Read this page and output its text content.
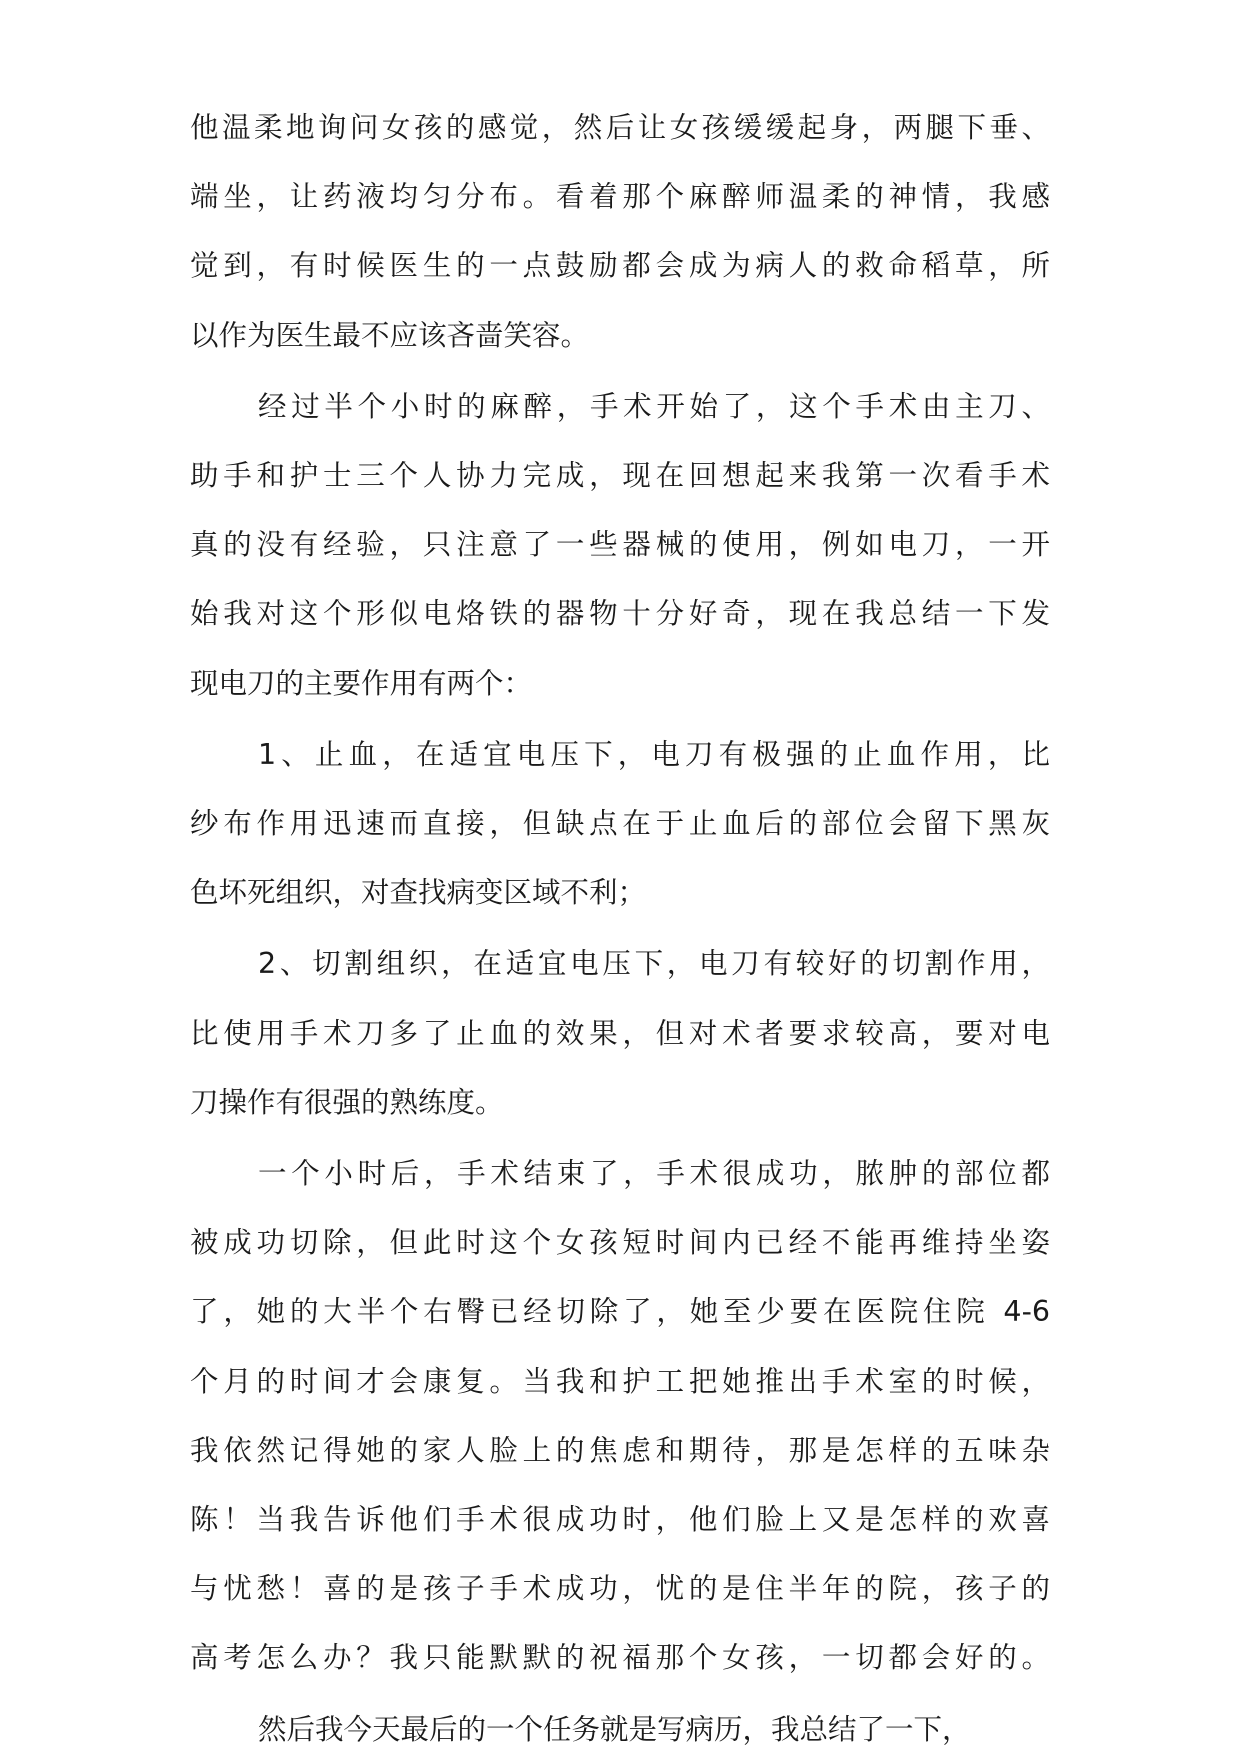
他温柔地询问女孩的感觉，然后让女孩缓缓起身，两腿下垂、
端坐，让药液均匀分布。看着那个麻醉师温柔的神情，我感
觉到，有时候医生的一点鼓励都会成为病人的救命稻草，所
以作为医生最不应该吝啬笑容。
经过半个小时的麻醉，手术开始了，这个手术由主刀、
助手和护士三个人协力完成，现在回想起来我第一次看手术
真的没有经验，只注意了一些器械的使用，例如电刀，一开
始我对这个形似电烙铁的器物十分好奇，现在我总结一下发
现电刀的主要作用有两个：
1、止血，在适宜电压下，电刀有极强的止血作用，比
纱布作用迅速而直接，但缺点在于止血后的部位会留下黑灰
色坏死组织，对查找病变区域不利；
2、切割组织，在适宜电压下，电刀有较好的切割作用，
比使用手术刀多了止血的效果，但对术者要求较高，要对电
刀操作有很强的熟练度。
一个小时后，手术结束了，手术很成功，脓肿的部位都
被成功切除，但此时这个女孩短时间内已经不能再维持坐姿
了，她的大半个右臀已经切除了，她至少要在医院住院 4-6
个月的时间才会康复。当我和护工把她推出手术室的时候，
我依然记得她的家人脸上的焦虑和期待，那是怎样的五味杂
陈！当我告诉他们手术很成功时，他们脸上又是怎样的欢喜
与忧愁！喜的是孩子手术成功，忧的是住半年的院，孩子的
高考怎么办？我只能默默的祝福那个女孩，一切都会好的。
然后我今天最后的一个任务就是写病历，我总结了一下，
